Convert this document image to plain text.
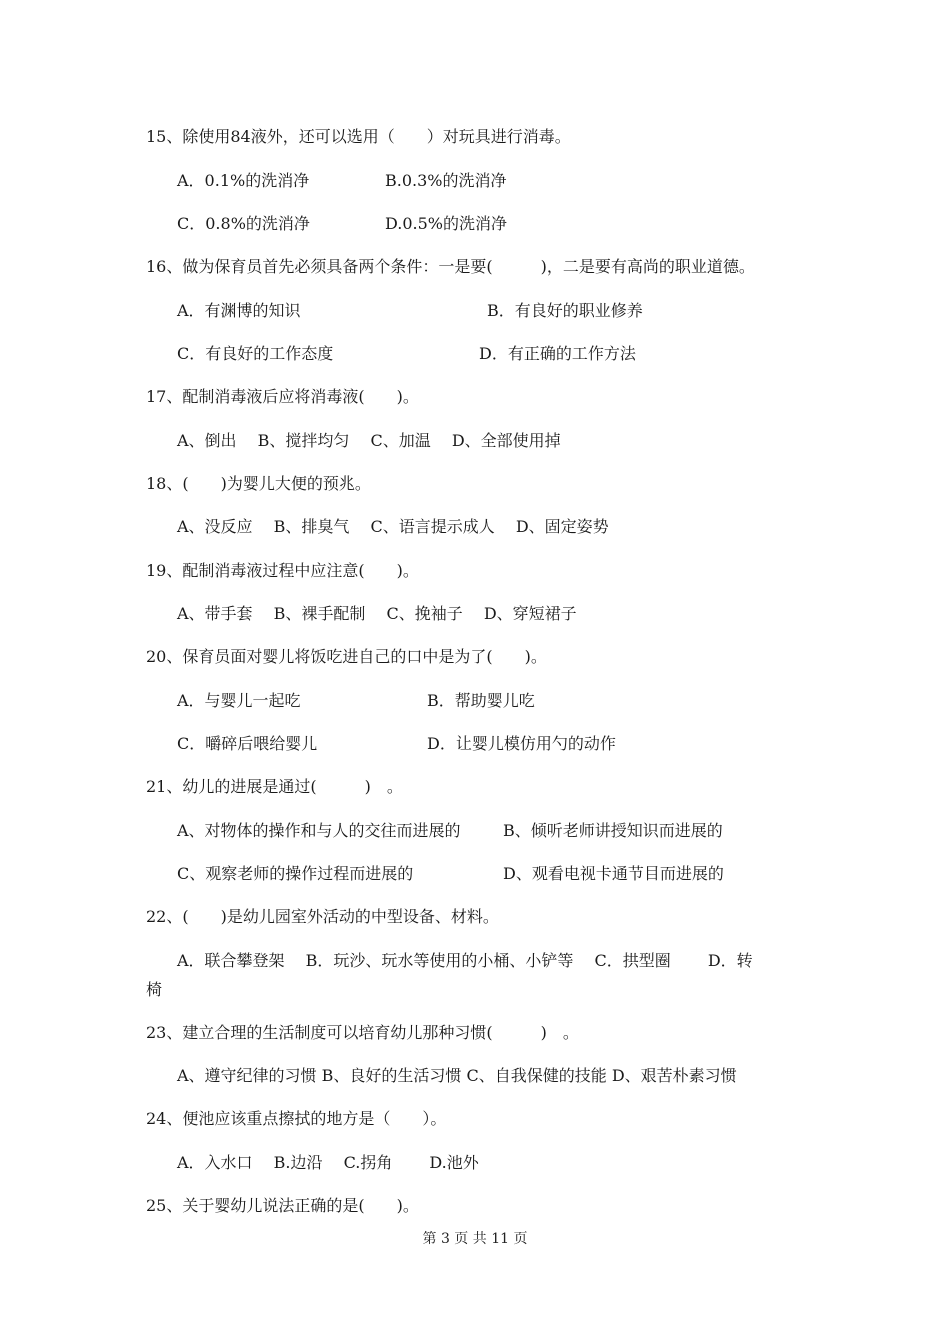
15、除使用84液外，还可以选用（　　）对玩具进行消毒。
A．0.1%的洗消净	B.0.3%的洗消净
C．0.8%的洗消净	D.0.5%的洗消净
16、做为保育员首先必须具备两个条件：一是要(　　　)，二是要有高尚的职业道德。
A．有渊博的知识	B．有良好的职业修养
C．有良好的工作态度	D．有正确的工作方法
17、配制消毒液后应将消毒液(　　)。
A、倒出　 B、搅拌均匀　 C、加温　 D、全部使用掉
18、(　　)为婴儿大便的预兆。
A、没反应　 B、排臭气　 C、语言提示成人　 D、固定姿势
19、配制消毒液过程中应注意(　　)。
A、带手套　 B、裸手配制　 C、挽袖子　 D、穿短裙子
20、保育员面对婴儿将饭吃进自己的口中是为了(　　)。
A．与婴儿一起吃	B．帮助婴儿吃
C．嚼碎后喂给婴儿	D．让婴儿模仿用勺的动作
21、幼儿的进展是通过(　　　)　。
A、对物体的操作和与人的交往而进展的	B、倾听老师讲授知识而进展的
C、观察老师的操作过程而进展的	D、观看电视卡通节目而进展的
22、(　　)是幼儿园室外活动的中型设备、材料。
A．联合攀登架　 B．玩沙、玩水等使用的小桶、小铲等　 C．拱型圈　　 D．转
椅
23、建立合理的生活制度可以培育幼儿那种习惯(　　　)　。
A、遵守纪律的习惯 B、良好的生活习惯 C、自我保健的技能 D、艰苦朴素习惯
24、便池应该重点擦拭的地方是（　　）。
A．入水口　 B.边沿　 C.拐角　　 D.池外
25、关于婴幼儿说法正确的是(　　)。
第 3 页 共 11 页
